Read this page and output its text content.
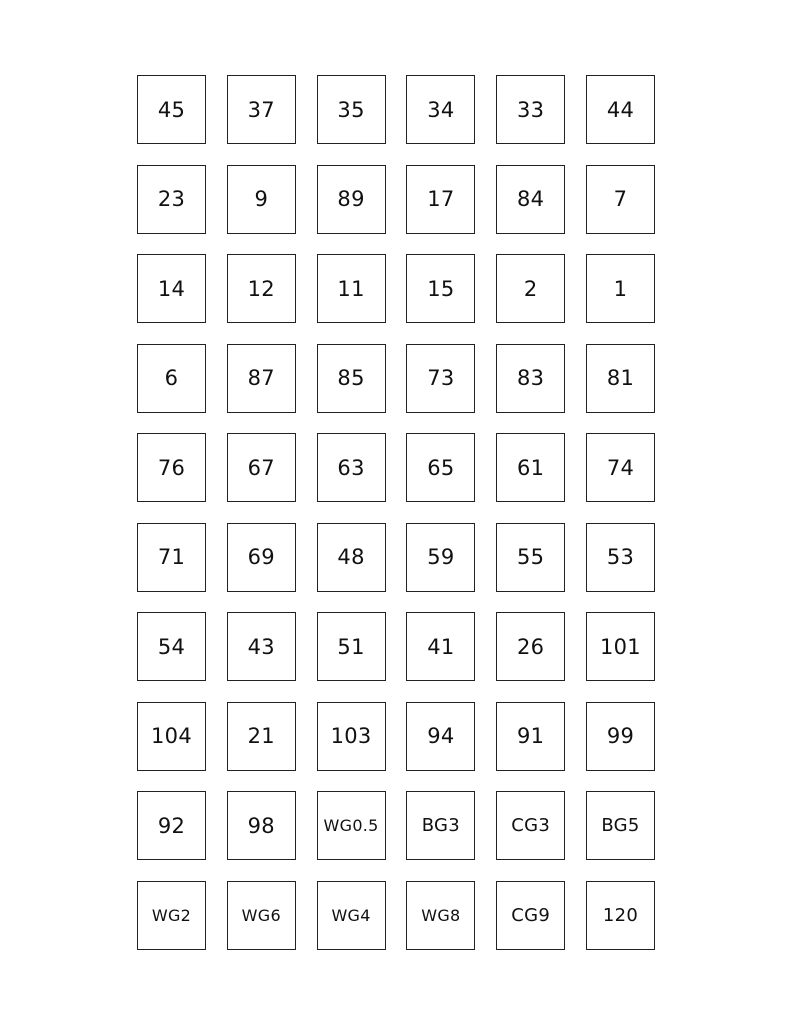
45	37	35	34	33	44
23	9	89	17	84	7
14	12	11	15	2	1
6	87	85	73	83	81
76	67	63	65	61	74
71	69	48	59	55	53
54	43	51	41	26	101
104	21	103	94	91	99
92	98	WG0.5	BG3	CG3	BG5
WG2	WG6	WG4	WG8	CG9	120
